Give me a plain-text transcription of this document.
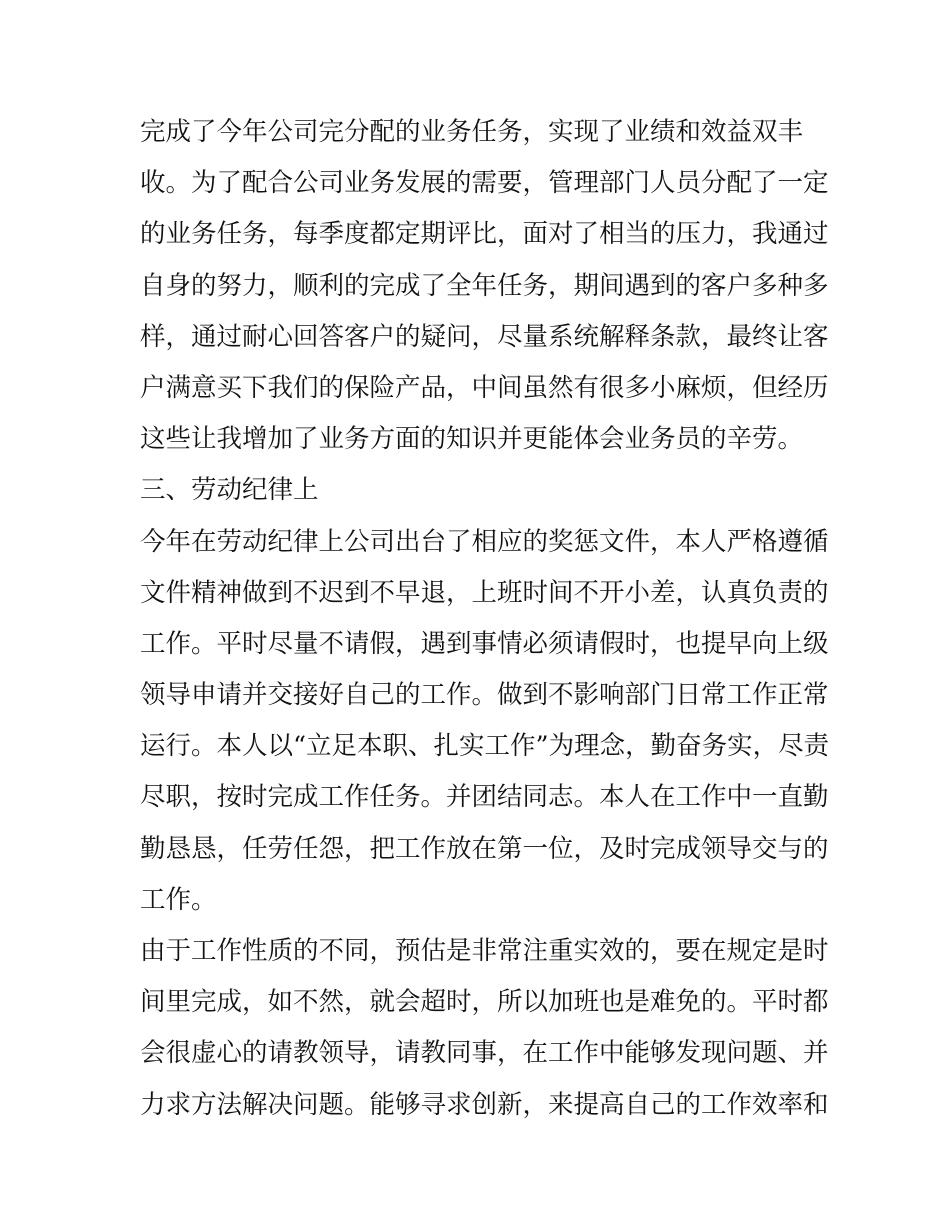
完成了今年公司完分配的业务任务，实现了业绩和效益双丰
收。为了配合公司业务发展的需要，管理部门人员分配了一定
的业务任务，每季度都定期评比，面对了相当的压力，我通过
自身的努力，顺利的完成了全年任务，期间遇到的客户多种多
样，通过耐心回答客户的疑问，尽量系统解释条款，最终让客
户满意买下我们的保险产品，中间虽然有很多小麻烦，但经历
这些让我增加了业务方面的知识并更能体会业务员的辛劳。
三、劳动纪律上
今年在劳动纪律上公司出台了相应的奖惩文件，本人严格遵循
文件精神做到不迟到不早退，上班时间不开小差，认真负责的
工作。平时尽量不请假，遇到事情必须请假时，也提早向上级
领导申请并交接好自己的工作。做到不影响部门日常工作正常
运行。本人以“立足本职、扎实工作”为理念，勤奋务实，尽责
尽职，按时完成工作任务。并团结同志。本人在工作中一直勤
勤恳恳，任劳任怨，把工作放在第一位，及时完成领导交与的
工作。
由于工作性质的不同，预估是非常注重实效的，要在规定是时
间里完成，如不然，就会超时，所以加班也是难免的。平时都
会很虚心的请教领导，请教同事，在工作中能够发现问题、并
力求方法解决问题。能够寻求创新，来提高自己的工作效率和
